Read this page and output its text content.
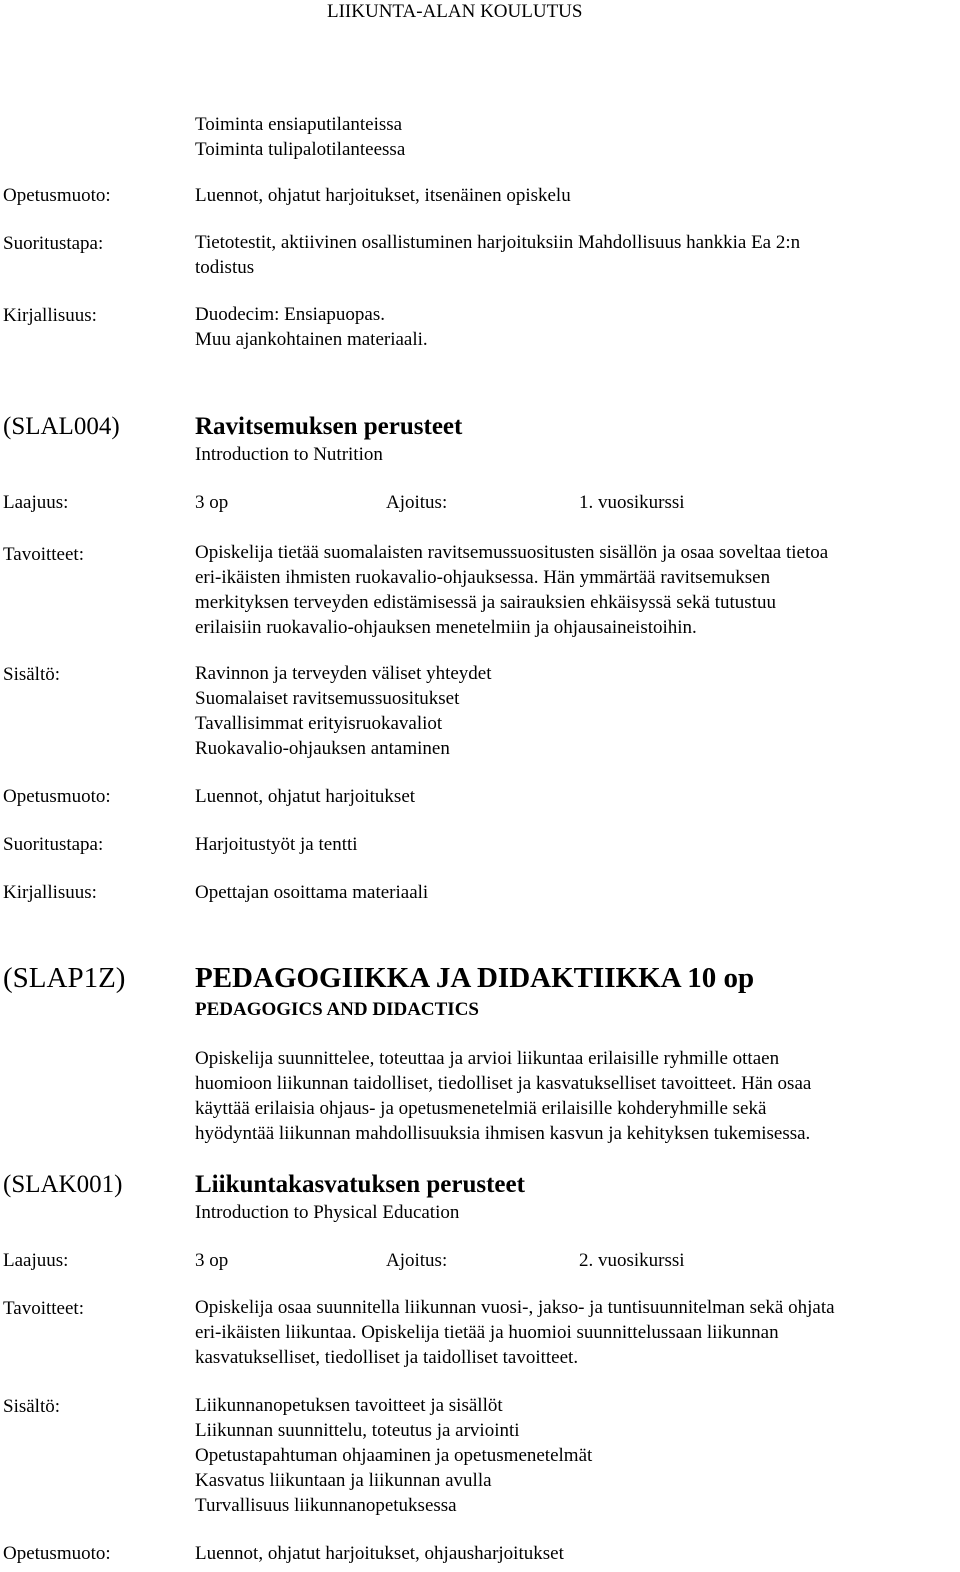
LIIKUNTA-ALAN KOULUTUS
Toiminta ensiaputilanteissa
Toiminta tulipalotilanteessa
Opetusmuoto:	Luennot, ohjatut harjoitukset, itsenäinen opiskelu
Suoritustapa:	Tietotestit, aktiivinen osallistuminen harjoituksiin Mahdollisuus hankkia Ea 2:n
todistus
Kirjallisuus:	Duodecim: Ensiapuopas.
Muu ajankohtainen materiaali.
(SLAL004)	Ravitsemuksen perusteet
Introduction to Nutrition
Laajuus:	3 op	Ajoitus:	1. vuosikurssi
Tavoitteet:	Opiskelija tietää suomalaisten ravitsemussuositusten sisällön ja osaa soveltaa tietoa
eri-ikäisten ihmisten ruokavalio-ohjauksessa. Hän ymmärtää ravitsemuksen
merkityksen terveyden edistämisessä ja sairauksien ehkäisyssä sekä tutustuu
erilaisiin ruokavalio-ohjauksen menetelmiin ja ohjausaineistoihin.
Sisältö:	Ravinnon ja terveyden väliset yhteydet
Suomalaiset ravitsemussuositukset
Tavallisimmat erityisruokavaliot
Ruokavalio-ohjauksen antaminen
Opetusmuoto:	Luennot, ohjatut harjoitukset
Suoritustapa:	Harjoitustyöt ja tentti
Kirjallisuus:	Opettajan osoittama materiaali
(SLAP1Z) PEDAGOGIIKKA JA DIDAKTIIKKA 10 op
PEDAGOGICS AND DIDACTICS
Opiskelija suunnittelee, toteuttaa ja arvioi liikuntaa erilaisille ryhmille ottaen
huomioon liikunnan taidolliset, tiedolliset ja kasvatukselliset tavoitteet. Hän osaa
käyttää erilaisia ohjaus- ja opetusmenetelmiä erilaisille kohderyhmille sekä
hyödyntää liikunnan mahdollisuuksia ihmisen kasvun ja kehityksen tukemisessa.
(SLAK001)	Liikuntakasvatuksen perusteet
Introduction to Physical Education
Laajuus:	3 op	Ajoitus:	2. vuosikurssi
Tavoitteet:	Opiskelija osaa suunnitella liikunnan vuosi-, jakso- ja tuntisuunnitelman sekä ohjata
eri-ikäisten liikuntaa. Opiskelija tietää ja huomioi suunnittelussaan liikunnan
kasvatukselliset, tiedolliset ja taidolliset tavoitteet.
Sisältö:	Liikunnanopetuksen tavoitteet ja sisällöt
Liikunnan suunnittelu, toteutus ja arviointi
Opetustapahtuman ohjaaminen ja opetusmenetelmät
Kasvatus liikuntaan ja liikunnan avulla
Turvallisuus liikunnanopetuksessa
Opetusmuoto:	Luennot, ohjatut harjoitukset, ohjausharjoitukset
